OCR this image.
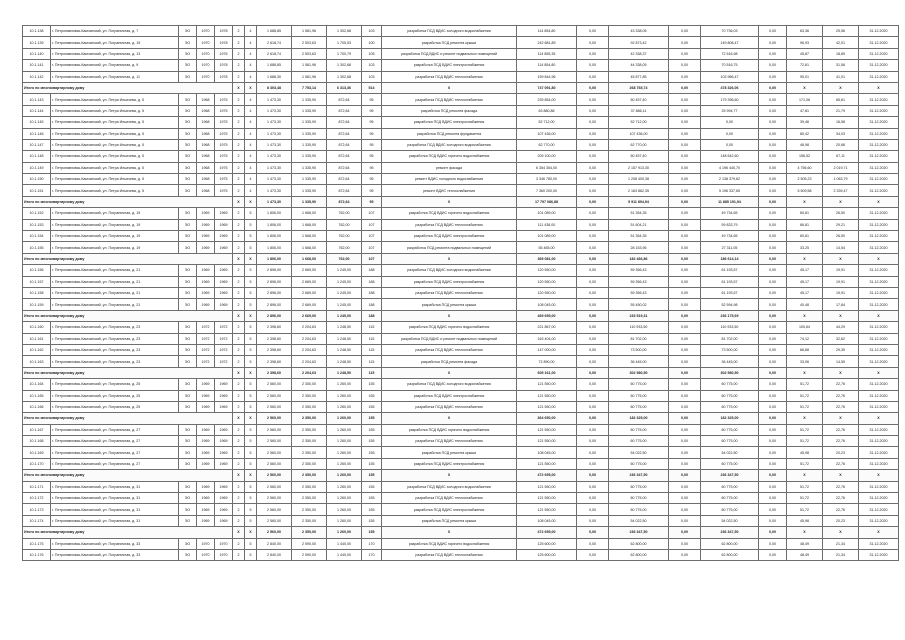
10.1.138	г. Петропавловск-Камчатский, ул. Пограничная, д. 7	ЭО	1970	1978	2	4	1 688,85	1 581,96	1 302,68	103	разработка ПСД ВДИС холодного водоснабжения	114 854,80	0,00	43 338,05	0,00	70 736,03	0,00	63,36	25,56	31.12.2020
10.1.139	г. Петропавловск-Камчатский, ул. Пограничная, д. 15	ЭО	1970	1978	2	4	2 618,74	2 503,63	1 705,53	100	разработка ПСД ремонта крыши	242 681,89	0,00	92 873,42	0,00	149 808,47	0,00	96,93	42,01	31.12.2020
10.1.140	г. Петропавловск-Камчатский, ул. Пограничная, д. 13	ЭО	1970	1976	2	4	2 618,74	2 503,63	1 700,79	105	разработка ПСД ВДИС и ремонт подвальных помещений	114 855,35	0,00	42 338,37	0,00	72 516,98	0,00	45,87	18,89	31.12.2020
10.1.141	г. Петропавловск-Камчатский, ул. Пограничная, д. 9	ЭО	1970	1978	2	4	1 688,85	1 581,96	1 302,68	103	разработка ПСД ВДИС электроснабжения	114 854,80	0,00	44 338,05	0,00	70 516,75	0,00	72,61	31,56	31.12.2020
10.1.142	г. Петропавловск-Камчатский, ул. Пограничная, д. 11	ЭО	1970	1978	2	4	1 688,30	1 581,96	1 302,68	103	разработка ПСД ВДИС теплоснабжения	159 844,96	0,00	45 877,85	0,00	103 966,47	0,00	95,01	41,01	31.12.2020
Итого по многоквартирному дому					Х	Х	8 303,48	7 753,14	6 313,36	514	Х	747 091,80	0,00	268 765,74	0,00	478 326,06	0,00	Х	Х	Х
10.1.143	г. Петропавловск-Камчатский, ул. Петра Ильичева, д. 5	ЭО	1968	1975	2	4	1 473,30	1 335,90	872,64	95	разработка ПСД ВДИС теплоснабжения	239 854,00	0,00	60 457,40	0,00	179 396,60	0,00	171,06	65,61	31.12.2020
10.1.144	г. Петропавловск-Камчатский, ул. Петра Ильичева, д. 5	ЭО	1968	1975	2	4	1 473,30	1 335,90	872,64	95	разработка ПСД ремонта фасада	63 880,88	0,00	37 886,11	0,00	25 994,77	0,00	47,81	21,79	31.12.2020
10.1.145	г. Петропавловск-Камчатский, ул. Петра Ильичева, д. 5	ЭО	1968	1975	2	4	1 473,30	1 335,90	872,64	95	разработка ПСД ВДИС электроснабжения	52 712,00	0,00	52 712,00	0,00	0,00	0,00	39,46	16,58	31.12.2020
10.1.146	г. Петропавловск-Камчатский, ул. Петра Ильичева, д. 5	ЭО	1968	1975	2	4	1 473,30	1 335,90	872,64	95	разработка ПСД ремонта фундамента	107 436,00	0,00	107 436,00	0,00	0,00	0,00	80,42	34,03	31.12.2020
10.1.147	г. Петропавловск-Камчатский, ул. Петра Ильичева, д. 5	ЭО	1968	1975	2	4	1 473,30	1 335,90	872,64	95	разработка ПСД ВДИС холодного водоснабжения	62 770,00	0,00	62 770,00	0,00	0,00	0,00	46,98	20,68	31.12.2020
10.1.148	г. Петропавловск-Камчатский, ул. Петра Ильичева, д. 5	ЭО	1968	1975	2	4	1 473,30	1 335,90	872,64	95	разработка ПСД ВДИС горячего водоснабжения	209 100,00	0,00	60 457,40	0,00	148 642,60	0,00	156,52	67,11	31.12.2020
10.1.149	г. Петропавловск-Камчатский, ул. Петра Ильичева, д. 5	ЭО	1968	1975	2	4	1 473,30	1 335,90	872,64	95	ремонт фасада	6 354 354,00	0,00	2 157 913,30	0,00	4 196 440,70	0,00	4 756,60	2 019,71	31.12.2020
10.1.150	г. Петропавловск-Камчатский, ул. Петра Ильичева, д. 5	ЭО	1968	1975	2	4	1 473,30	1 335,90	872,64	95	ремонт ВДИС холодного водоснабжения	3 346 780,00	0,00	1 208 400,38	0,00	2 138 379,62	0,00	2 505,23	1 063,79	31.12.2020
10.1.151	г. Петропавловск-Камчатский, ул. Петра Ильичева, д. 5	ЭО	1968	1975	2	4	1 473,30	1 335,90	872,64	95	ремонт ВДИС теплоснабжения	7 360 200,00	0,00	2 163 862,35	0,00	5 196 337,65	0,00	5 509,58	2 339,47	31.12.2020
Итого по многоквартирному дому					Х	Х	1 473,30	1 335,90	872,64	95	Х	17 797 086,88	0,00	5 911 894,94	0,00	11 885 191,94	0,00	Х	Х	Х
10.1.152	г. Петропавловск-Камчатский, ул. Пограничная, д. 19	ЭО	1969	1969	2	5	1 806,00	1 668,00	762,00	107	разработка ПСД ВДИС горячего водоснабжения	101 089,00	0,00	51 354,35	0,00	49 734,65	0,00	60,61	26,50	31.12.2020
10.1.153	г. Петропавловск-Камчатский, ул. Пограничная, д. 19	ЭО	1969	1969	2	5	1 806,00	1 668,00	762,00	107	разработка ПСД ВДИС теплоснабжения	111 438,00	0,00	51 604,21	0,00	59 833,79	0,00	66,81	29,21	31.12.2020
10.1.154	г. Петропавловск-Камчатский, ул. Пограничная, д. 19	ЭО	1969	1969	2	5	1 806,00	1 668,00	762,00	107	разработка ПСД ВДИС электроснабжения	101 089,00	0,00	51 354,35	0,00	49 734,65	0,00	60,61	26,50	31.12.2020
10.1.155	г. Петропавловск-Камчатский, ул. Пограничная, д. 19	ЭО	1969	1969	2	5	1 806,00	1 668,00	762,00	107	разработка ПСД ремонта подвальных помещений	55 465,00	0,00	28 153,95	0,00	27 311,05	0,00	33,25	14,54	31.12.2020
Итого по многоквартирному дому					Х	Х	1 806,00	1 668,00	762,00	107	Х	369 081,00	0,00	182 466,86	0,00	186 614,14	0,00	Х	Х	Х
10.1.156	г. Петропавловск-Камчатский, ул. Пограничная, д. 21	ЭО	1969	1969	2	5	2 896,00	2 669,00	1 245,00	188	разработка ПСД ВДИС холодного водоснабжения	120 550,00	0,00	59 356,43	0,00	61 193,57	0,00	45,17	19,91	31.12.2020
10.1.157	г. Петропавловск-Камчатский, ул. Пограничная, д. 21	ЭО	1969	1969	2	5	2 896,00	2 669,00	1 245,00	188	разработка ПСД ВДИС электроснабжения	120 550,00	0,00	59 356,43	0,00	61 193,57	0,00	45,17	19,91	31.12.2020
10.1.158	г. Петропавловск-Камчатский, ул. Пограничная, д. 21	ЭО	1969	1969	2	5	2 896,00	2 669,00	1 245,00	188	разработка ПСД ВДИС теплоснабжения	120 550,00	0,00	59 356,43	0,00	61 193,57	0,00	45,17	19,91	31.12.2020
10.1.159	г. Петропавловск-Камчатский, ул. Пограничная, д. 21	ЭО	1969	1969	2	5	2 896,00	2 669,00	1 245,00	188	разработка ПСД ремонта крыши	108 045,00	0,00	55 450,02	0,00	52 594,98	0,00	40,48	17,84	31.12.2020
Итого по многоквартирному дому					Х	Х	2 896,00	2 669,00	1 245,00	188	Х	469 695,00	0,00	233 519,31	0,00	236 175,69	0,00	Х	Х	Х
10.1.160	г. Петропавловск-Камчатский, ул. Пограничная, д. 23	ЭО	1972	1972	2	5	2 398,60	2 204,63	1 248,50	115	разработка ПСД ВДИС горячего водоснабжения	221 867,00	0,00	110 933,50	0,00	110 933,50	0,00	100,64	44,29	31.12.2020
10.1.161	г. Петропавловск-Камчатский, ул. Пограничная, д. 23	ЭО	1972	1972	2	5	2 398,60	2 204,63	1 248,50	115	разработка ПСД ВДИС и ремонт подвальных помещений	163 404,00	0,00	81 702,00	0,00	81 702,00	0,00	74,12	32,62	31.12.2020
10.1.162	г. Петропавловск-Камчатский, ул. Пограничная, д. 23	ЭО	1972	1972	2	5	2 398,60	2 204,63	1 248,50	115	разработка ПСД ВДИС теплоснабжения	147 000,00	0,00	73 500,00	0,00	73 500,00	0,00	66,68	29,35	31.12.2020
10.1.163	г. Петропавловск-Камчатский, ул. Пограничная, д. 23	ЭО	1972	1972	2	5	2 398,60	2 204,63	1 248,50	115	разработка ПСД ремонта фасада	72 890,00	0,00	36 445,00	0,00	36 445,00	0,00	33,06	14,55	31.12.2020
Итого по многоквартирному дому					Х	Х	2 398,60	2 204,63	1 248,50	115	Х	605 161,00	0,00	302 580,50	0,00	302 580,50	0,00	Х	Х	Х
10.1.164	г. Петропавловск-Камчатский, ул. Пограничная, д. 25	ЭО	1969	1969	2	5	2 560,00	2 350,00	1 260,00	155	разработка ПСД ВДИС холодного водоснабжения	121 550,00	0,00	60 775,00	0,00	60 775,00	0,00	51,72	22,76	31.12.2020
10.1.165	г. Петропавловск-Камчатский, ул. Пограничная, д. 25	ЭО	1969	1969	2	5	2 560,00	2 350,00	1 260,00	155	разработка ПСД ВДИС электроснабжения	121 550,00	0,00	60 775,00	0,00	60 775,00	0,00	51,72	22,76	31.12.2020
10.1.166	г. Петропавловск-Камчатский, ул. Пограничная, д. 25	ЭО	1969	1969	2	5	2 560,00	2 350,00	1 260,00	155	разработка ПСД ВДИС теплоснабжения	121 550,00	0,00	60 775,00	0,00	60 775,00	0,00	51,72	22,76	31.12.2020
Итого по многоквартирному дому					Х	Х	2 560,00	2 350,00	1 260,00	155	Х	364 650,00	0,00	182 325,00	0,00	182 325,00	0,00	Х	Х	Х
10.1.167	г. Петропавловск-Камчатский, ул. Пограничная, д. 27	ЭО	1969	1969	2	5	2 560,00	2 350,00	1 260,00	155	разработка ПСД ВДИС горячего водоснабжения	121 550,00	0,00	60 775,00	0,00	60 775,00	0,00	51,72	22,76	31.12.2020
10.1.168	г. Петропавловск-Камчатский, ул. Пограничная, д. 27	ЭО	1969	1969	2	5	2 560,00	2 350,00	1 260,00	155	разработка ПСД ВДИС теплоснабжения	121 550,00	0,00	60 775,00	0,00	60 775,00	0,00	51,72	22,76	31.12.2020
10.1.169	г. Петропавловск-Камчатский, ул. Пограничная, д. 27	ЭО	1969	1969	2	5	2 560,00	2 350,00	1 260,00	155	разработка ПСД ремонта крыши	108 045,00	0,00	54 022,50	0,00	54 022,50	0,00	45,98	20,23	31.12.2020
10.1.170	г. Петропавловск-Камчатский, ул. Пограничная, д. 27	ЭО	1969	1969	2	5	2 560,00	2 350,00	1 260,00	155	разработка ПСД ВДИС электроснабжения	121 550,00	0,00	60 775,00	0,00	60 775,00	0,00	51,72	22,76	31.12.2020
Итого по многоквартирному дому					Х	Х	2 560,00	2 350,00	1 260,00	155	Х	472 695,00	0,00	236 347,50	0,00	236 347,50	0,00	Х	Х	Х
10.1.171	г. Петропавловск-Камчатский, ул. Пограничная, д. 31	ЭО	1969	1969	2	5	2 560,00	2 350,00	1 260,00	155	разработка ПСД ВДИС холодного водоснабжения	121 550,00	0,00	60 775,00	0,00	60 775,00	0,00	51,72	22,76	31.12.2020
10.1.172	г. Петропавловск-Камчатский, ул. Пограничная, д. 31	ЭО	1969	1969	2	5	2 560,00	2 350,00	1 260,00	155	разработка ПСД ВДИС теплоснабжения	121 550,00	0,00	60 775,00	0,00	60 775,00	0,00	51,72	22,76	31.12.2020
10.1.173	г. Петропавловск-Камчатский, ул. Пограничная, д. 31	ЭО	1969	1969	2	5	2 560,00	2 350,00	1 260,00	155	разработка ПСД ВДИС электроснабжения	121 550,00	0,00	60 775,00	0,00	60 775,00	0,00	51,72	22,76	31.12.2020
10.1.174	г. Петропавловск-Камчатский, ул. Пограничная, д. 31	ЭО	1969	1969	2	5	2 560,00	2 350,00	1 260,00	155	разработка ПСД ремонта крыши	108 045,00	0,00	54 022,50	0,00	54 022,50	0,00	45,98	20,23	31.12.2020
Итого по многоквартирному дому					Х	Х	2 560,00	2 350,00	1 260,00	155	Х	472 695,00	0,00	236 347,50	0,00	236 347,50	0,00	Х	Х	Х
10.1.175	г. Петропавловск-Камчатский, ул. Пограничная, д. 33	ЭО	1970	1970	2	5	2 840,00	2 590,00	1 440,00	170	разработка ПСД ВДИС горячего водоснабжения	125 600,00	0,00	62 800,00	0,00	62 800,00	0,00	48,49	21,34	31.12.2020
10.1.176	г. Петропавловск-Камчатский, ул. Пограничная, д. 33	ЭО	1970	1970	2	5	2 840,00	2 590,00	1 440,00	170	разработка ПСД ВДИС теплоснабжения	125 600,00	0,00	62 800,00	0,00	62 800,00	0,00	48,49	21,34	31.12.2020
